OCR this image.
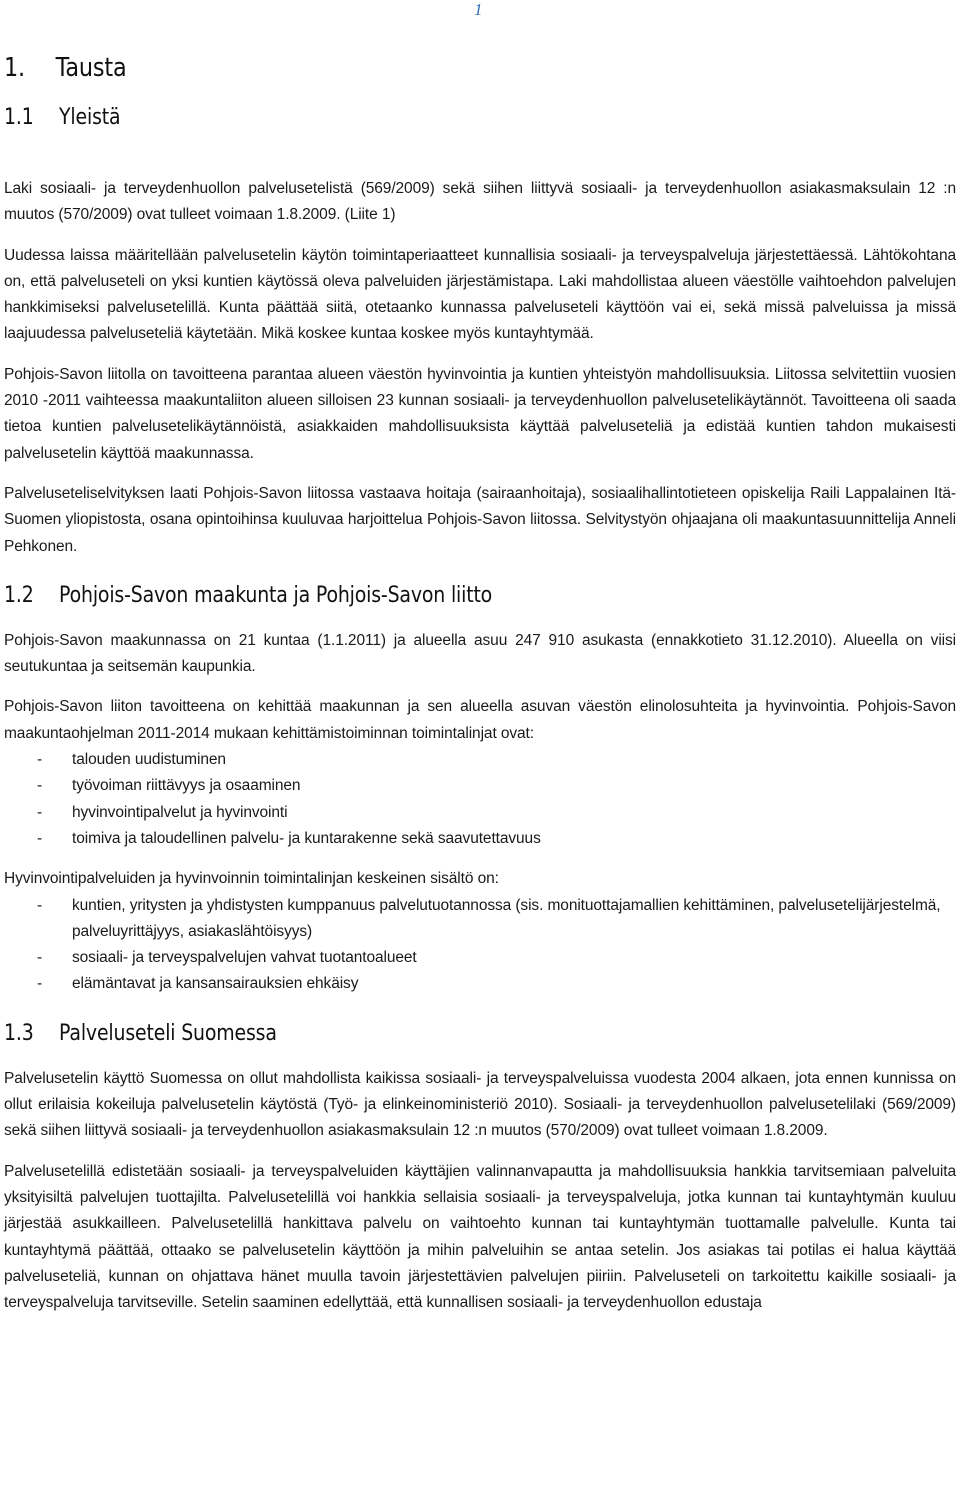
1
1. Tausta
1.1 Yleistä

Laki sosiaali- ja terveydenhuollon palvelusetelistä (569/2009) sekä siihen liittyvä sosiaali- ja terveydenhuollon asiakasmaksulain 12 :n muutos (570/2009) ovat tulleet voimaan 1.8.2009. (Liite 1)

Uudessa laissa määritellään palvelusetelin käytön toimintaperiaatteet kunnallisia sosiaali- ja terveyspalveluja järjestettäessä. Lähtökohtana on, että palveluseteli on yksi kuntien käytössä oleva palveluiden järjestämistapa. Laki mahdollistaa alueen väestölle vaihtoehdon palvelujen hankkimiseksi palvelusetelillä. Kunta päättää siitä, otetaanko kunnassa palveluseteli käyttöön vai ei, sekä missä palveluissa ja missä laajuudessa palveluseteliä käytetään. Mikä koskee kuntaa koskee myös kuntayhtymää.

Pohjois-Savon liitolla on tavoitteena parantaa alueen väestön hyvinvointia ja kuntien yhteistyön mahdollisuuksia. Liitossa selvitettiin vuosien 2010 -2011 vaihteessa maakuntaliiton alueen silloisen 23 kunnan sosiaali- ja terveydenhuollon palvelusetelikäytännöt. Tavoitteena oli saada tietoa kuntien palvelusetelikäytännöistä, asiakkaiden mahdollisuuksista käyttää palveluseteliä ja edistää kuntien tahdon mukaisesti palvelusetelin käyttöä maakunnassa.

Palveluseteliselvityksen laati Pohjois-Savon liitossa vastaava hoitaja (sairaanhoitaja), sosiaalihallintotieteen opiskelija Raili Lappalainen Itä-Suomen yliopistosta, osana opintoihinsa kuuluvaa harjoittelua Pohjois-Savon liitossa. Selvitystyön ohjaajana oli maakuntasuunnittelija Anneli Pehkonen.

1.2 Pohjois-Savon maakunta ja Pohjois-Savon liitto

Pohjois-Savon maakunnassa on 21 kuntaa (1.1.2011) ja alueella asuu 247 910 asukasta (ennakkotieto 31.12.2010). Alueella on viisi seutukuntaa ja seitsemän kaupunkia.

Pohjois-Savon liiton tavoitteena on kehittää maakunnan ja sen alueella asuvan väestön elinolosuhteita ja hyvinvointia. Pohjois-Savon maakuntaohjelman 2011-2014 mukaan kehittämistoiminnan toimintalinjat ovat:

- talouden uudistuminen
- työvoiman riittävyys ja osaaminen
- hyvinvointipalvelut ja hyvinvointi
- toimiva ja taloudellinen palvelu- ja kuntarakenne sekä saavutettavuus

Hyvinvointipalveluiden ja hyvinvoinnin toimintalinjan keskeinen sisältö on:

- kuntien, yritysten ja yhdistysten kumppanuus palvelutuotannossa (sis. monituottajamallien kehittäminen, palvelusetelijärjestelmä, palveluyrittäjyys, asiakaslähtöisyys)
- sosiaali- ja terveyspalvelujen vahvat tuotantoalueet
- elämäntavat ja kansansairauksien ehkäisy
1.3 Palveluseteli Suomessa

Palvelusetelin käyttö Suomessa on ollut mahdollista kaikissa sosiaali- ja terveyspalveluissa vuodesta 2004 alkaen, jota ennen kunnissa on ollut erilaisia kokeiluja palvelusetelin käytöstä (Työ- ja elinkeinoministeriö 2010). Sosiaali- ja terveydenhuollon palvelusetelilaki (569/2009) sekä siihen liittyvä sosiaali- ja terveydenhuollon asiakasmaksulain 12 :n muutos (570/2009) ovat tulleet voimaan 1.8.2009.

Palvelusetelillä edistetään sosiaali- ja terveyspalveluiden käyttäjien valinnanvapautta ja mahdollisuuksia hankkia tarvitsemiaan palveluita yksityisiltä palvelujen tuottajilta. Palvelusetelillä voi hankkia sellaisia sosiaali- ja terveyspalveluja, jotka kunnan tai kuntayhtymän kuuluu järjestää asukkailleen. Palvelusetelillä hankittava palvelu on vaihtoehto kunnan tai kuntayhtymän tuottamalle palvelulle. Kunta tai kuntayhtymä päättää, ottaako se palvelusetelin käyttöön ja mihin palveluihin se antaa setelin. Jos asiakas tai potilas ei halua käyttää palveluseteliä, kunnan on ohjattava hänet muulla tavoin järjestettävien palvelujen piiriin. Palveluseteli on tarkoitettu kaikille sosiaali- ja terveyspalveluja tarvitseville. Setelin saaminen edellyttää, että kunnallisen sosiaali- ja terveydenhuollon edustaja
